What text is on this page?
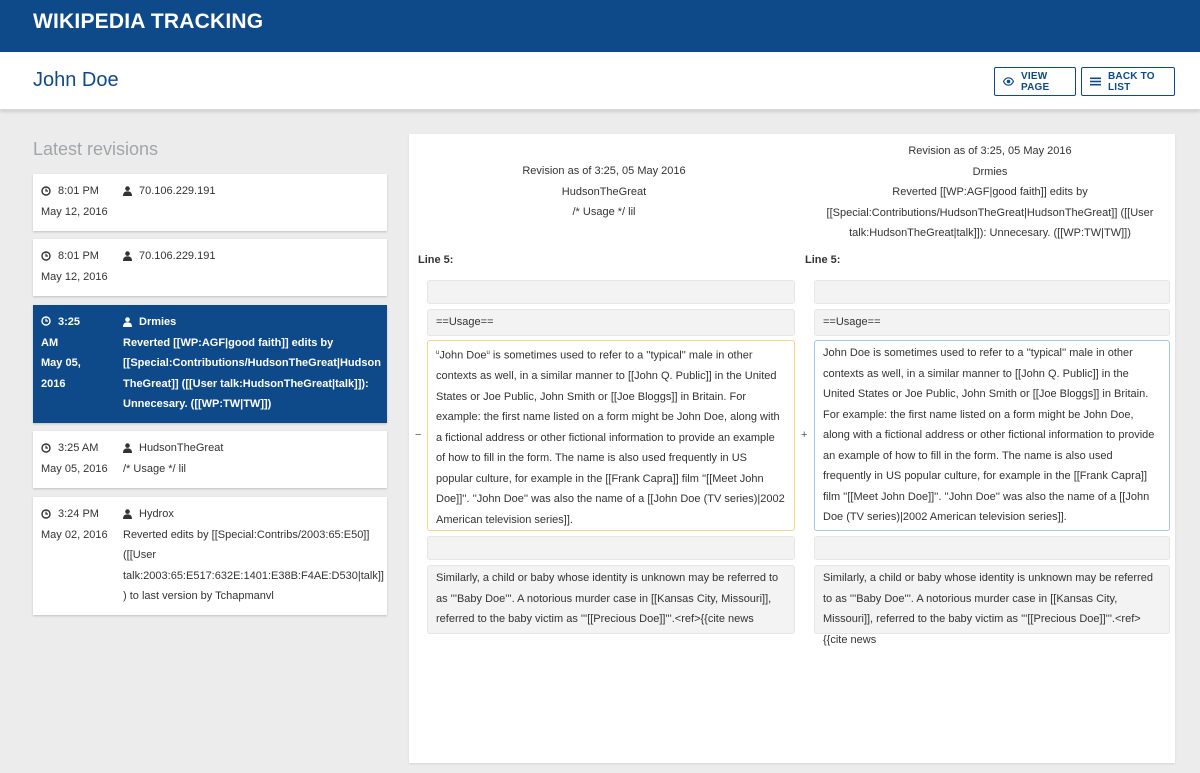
WIKIPEDIA TRACKING
John Doe	VIEW PAGE
BACK TO LIST
Latest revisions
8:01 PM
May 12, 2016
70.106.229.191
8:01 PM
May 12, 2016
70.106.229.191
3:25 AM
May 05, 2016
Drmies
Reverted [[WP:AGF|good faith]] edits by [[Special:Contributions/HudsonTheGreat|HudsonTheGreat]] ([[User talk:HudsonTheGreat|talk]]): Unnecesary. ([[WP:TW|TW]])
3:25 AM
May 05, 2016
HudsonTheGreat
/* Usage */ lil
3:24 PM
May 02, 2016
Hydrox
Reverted edits by [[Special:Contribs/2003:65:E50]] ([[User talk:2003:65:E517:632E:1401:E38B:F4AE:D530|talk]]) to last version by Tchapmanvl
Revision as of 3:25, 05 May 2016
HudsonTheGreat
/* Usage */ lil
Revision as of 3:25, 05 May 2016
Drmies
Reverted [[WP:AGF|good faith]] edits by [[Special:Contributions/HudsonTheGreat|HudsonTheGreat]] ([[User talk:HudsonTheGreat|talk]]): Unnecesary. ([[WP:TW|TW]])
Line 5:	Line 5:
==Usage==
−
$^u$John Doe$^u$ is sometimes used to refer to a ''typical'' male in other contexts as well, in a similar manner to [[John Q. Public]] in the United States or Joe Public, John Smith or [[Joe Bloggs]] in Britain. For example: the first name listed on a form might be John Doe, along with a fictional address or other fictional information to provide an example of how to fill in the form. The name is also used frequently in US popular culture, for example in the [[Frank Capra]] film ''[[Meet John Doe]]''. ''John Doe'' was also the name of a [[John Doe (TV series)|2002 American television series]].
Similarly, a child or baby whose identity is unknown may be referred to as '''Baby Doe'''. A notorious murder case in [[Kansas City, Missouri]], referred to the baby victim as '''[[Precious Doe]]'''.<ref>{{cite news
==Usage==
+
John Doe is sometimes used to refer to a ''typical'' male in other contexts as well, in a similar manner to [[John Q. Public]] in the United States or Joe Public, John Smith or [[Joe Bloggs]] in Britain. For example: the first name listed on a form might be John Doe, along with a fictional address or other fictional information to provide an example of how to fill in the form. The name is also used frequently in US popular culture, for example in the [[Frank Capra]] film ''[[Meet John Doe]]''. ''John Doe'' was also the name of a [[John Doe (TV series)|2002 American television series]].
Similarly, a child or baby whose identity is unknown may be referred to as '''Baby Doe'''. A notorious murder case in [[Kansas City, Missouri]], referred to the baby victim as '''[[Precious Doe]]'''.<ref>{{cite news
